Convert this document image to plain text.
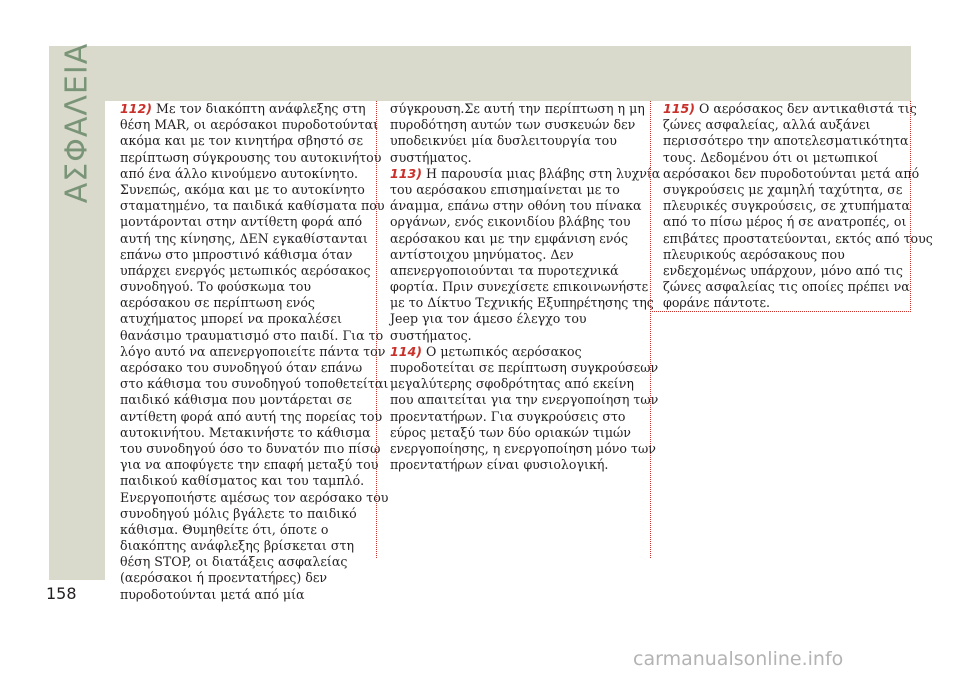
ΑΣΦΑΛΕΙΑ 112) Με τον διακόπτη ανάφλεξης στη
θέση MAR, οι αερόσακοι πυροδοτούνται
ακόμα και με τον κινητήρα σβηστό σε
περίπτωση σύγκρουσης του αυτοκινήτου
από ένα άλλο κινούμενο αυτοκίνητο.
Συνεπώς, ακόμα και με το αυτοκίνητο
σταματημένο, τα παιδικά καθίσματα που
μοντάρονται στην αντίθετη φορά από
αυτή της κίνησης, ΔΕΝ εγκαθίστανται
επάνω στο μπροστινό κάθισμα όταν
υπάρχει ενεργός μετωπικός αερόσακος
συνοδηγού. Το φούσκωμα του
αερόσακου σε περίπτωση ενός
ατυχήματος μπορεί να προκαλέσει
θανάσιμο τραυματισμό στο παιδί. Για το
λόγο αυτό να απενεργοποιείτε πάντα τον
αερόσακο του συνοδηγού όταν επάνω
στο κάθισμα του συνοδηγού τοποθετείται
παιδικό κάθισμα που μοντάρεται σε
αντίθετη φορά από αυτή της πορείας του
αυτοκινήτου. Μετακινήστε το κάθισμα
του συνοδηγού όσο το δυνατόν πιο πίσω
για να αποφύγετε την επαφή μεταξύ του
παιδικού καθίσματος και του ταμπλό.
Ενεργοποιήστε αμέσως τον αερόσακο του
συνοδηγού μόλις βγάλετε το παιδικό
κάθισμα. Θυμηθείτε ότι, όποτε ο
διακόπτης ανάφλεξης βρίσκεται στη
θέση STOP, οι διατάξεις ασφαλείας
(αερόσακοι ή προεντατήρες) δεν
πυροδοτούνται μετά από μία
σύγκρουση.Σε αυτή την περίπτωση η μη
πυροδότηση αυτών των συσκευών δεν
υποδεικνύει μία δυσλειτουργία του
συστήματος.
113) Η παρουσία μιας βλάβης στη λυχνία
του αερόσακου επισημαίνεται με το
άναμμα, επάνω στην οθόνη του πίνακα
οργάνων, ενός εικονιδίου βλάβης του
αερόσακου και με την εμφάνιση ενός
αντίστοιχου μηνύματος. Δεν
απενεργοποιούνται τα πυροτεχνικά
φορτία. Πριν συνεχίσετε επικοινωνήστε
με το Δίκτυο Τεχνικής Εξυπηρέτησης της
Jeep για τον άμεσο έλεγχο του
συστήματος.
114) Ο μετωπικός αερόσακος
πυροδοτείται σε περίπτωση συγκρούσεων
μεγαλύτερης σφοδρότητας από εκείνη
που απαιτείται για την ενεργοποίηση των
προεντατήρων. Για συγκρούσεις στο
εύρος μεταξύ των δύο οριακών τιμών
ενεργοποίησης, η ενεργοποίηση μόνο των
προεντατήρων είναι φυσιολογική.
115) Ο αερόσακος δεν αντικαθιστά τις
ζώνες ασφαλείας, αλλά αυξάνει
περισσότερο την αποτελεσματικότητα
τους. Δεδομένου ότι οι μετωπικοί
αερόσακοι δεν πυροδοτούνται μετά από
συγκρούσεις με χαμηλή ταχύτητα, σε
πλευρικές συγκρούσεις, σε χτυπήματα
από το πίσω μέρος ή σε ανατροπές, οι
επιβάτες προστατεύονται, εκτός από τους
πλευρικούς αερόσακους που
ενδεχομένως υπάρχουν, μόνο από τις
ζώνες ασφαλείας τις οποίες πρέπει να
φοράνε πάντοτε.
158
carmanualsonline.info
